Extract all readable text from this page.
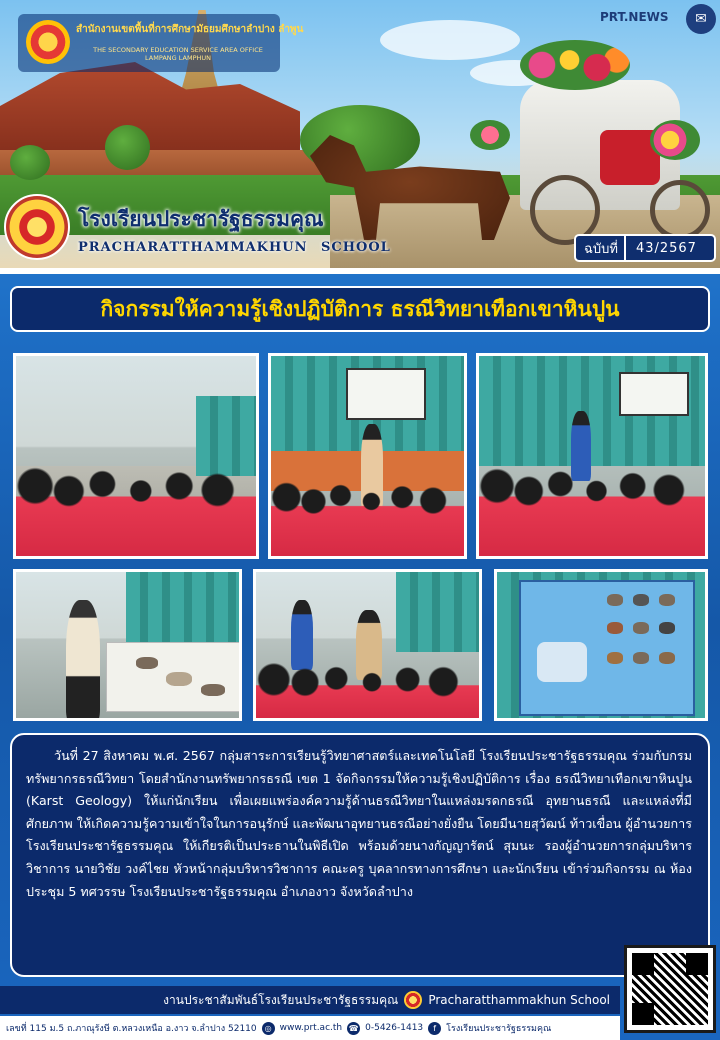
สำนักงานเขตพื้นที่การศึกษามัธยมศึกษาลำปาง ลำพูน
THE SECONDARY EDUCATION SERVICE AREA OFFICE
LAMPANG LAMPHUN
PRT.NEWS	✉
โรงเรียนประชารัฐธรรมคุณ
PRACHARATTHAMMAKHUN SCHOOL	ฉบับที่	43/2567
กิจกรรมให้ความรู้เชิงปฏิบัติการ ธรณีวิทยาเทือกเขาหินปูน

วันที่ 27 สิงหาคม พ.ศ. 2567 กลุ่มสาระการเรียนรู้วิทยาศาสตร์และเทคโนโลยี โรงเรียนประชารัฐธรรมคุณ ร่วมกับกรมทรัพยากรธรณีวิทยา โดยสำนักงานทรัพยากรธรณี เขต 1 จัดกิจกรรมให้ความรู้เชิงปฏิบัติการ เรื่อง ธรณีวิทยาเทือกเขาหินปูน (Karst Geology) ให้แก่นักเรียน เพื่อเผยแพร่องค์ความรู้ด้านธรณีวิทยาในแหล่งมรดกธรณี อุทยานธรณี และแหล่งที่มีศักยภาพ ให้เกิดความรู้ความเข้าใจในการอนุรักษ์ และพัฒนาอุทยานธรณีอย่างยั่งยืน โดยมีนายสุวัฒน์ ท้าวเขื่อน ผู้อำนวยการโรงเรียนประชารัฐธรรมคุณ ให้เกียรติเป็นประธานในพิธีเปิด พร้อมด้วยนางกัญญารัตน์ สุมนะ รองผู้อำนวยการกลุ่มบริหารวิชาการ นายวิชัย วงค์ไชย หัวหน้ากลุ่มบริหารวิชาการ คณะครู บุคลากรทางการศึกษา และนักเรียน เข้าร่วมกิจกรรม ณ ห้องประชุม 5 ทศวรรษ โรงเรียนประชารัฐธรรมคุณ อำเภองาว จังหวัดลำปาง

งานประชาสัมพันธ์โรงเรียนประชารัฐธรรมคุณ	Pracharatthammakhun School
เลขที่ 115 ม.5 ถ.ภาณุรังษี ต.หลวงเหนือ อ.งาว จ.ลำปาง 52110	◎ www.prt.ac.th ☎ 0-5426-1413	f	โรงเรียนประชารัฐธรรมคุณ
